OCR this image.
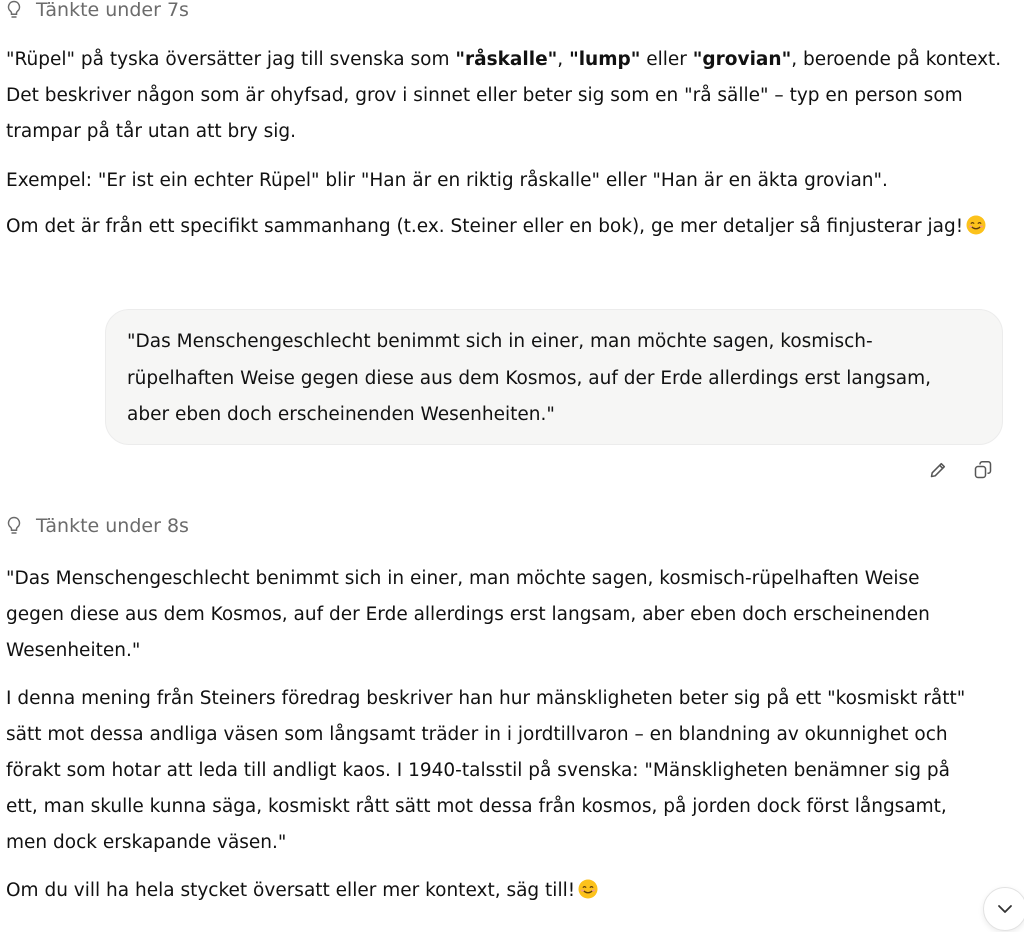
Tänkte under 7s

"Rüpel" på tyska översätter jag till svenska som "råskalle", "lump" eller "grovian", beroende på kontext.
Det beskriver någon som är ohyfsad, grov i sinnet eller beter sig som en "rå sälle" – typ en person som
trampar på tår utan att bry sig.

Exempel: "Er ist ein echter Rüpel" blir "Han är en riktig råskalle" eller "Han är en äkta grovian".

Om det är från ett specifikt sammanhang (t.ex. Steiner eller en bok), ge mer detaljer så finjusterar jag!

"Das Menschengeschlecht benimmt sich in einer, man möchte sagen, kosmisch-
rüpelhaften Weise gegen diese aus dem Kosmos, auf der Erde allerdings erst langsam,
aber eben doch erscheinenden Wesenheiten."
Tänkte under 8s

"Das Menschengeschlecht benimmt sich in einer, man möchte sagen, kosmisch-rüpelhaften Weise
gegen diese aus dem Kosmos, auf der Erde allerdings erst langsam, aber eben doch erscheinenden
Wesenheiten."

I denna mening från Steiners föredrag beskriver han hur mänskligheten beter sig på ett "kosmiskt rått"
sätt mot dessa andliga väsen som långsamt träder in i jordtillvaron – en blandning av okunnighet och
förakt som hotar att leda till andligt kaos. I 1940-talsstil på svenska: "Mänskligheten benämner sig på
ett, man skulle kunna säga, kosmiskt rått sätt mot dessa från kosmos, på jorden dock först långsamt,
men dock erskapande väsen."

Om du vill ha hela stycket översatt eller mer kontext, säg till!
